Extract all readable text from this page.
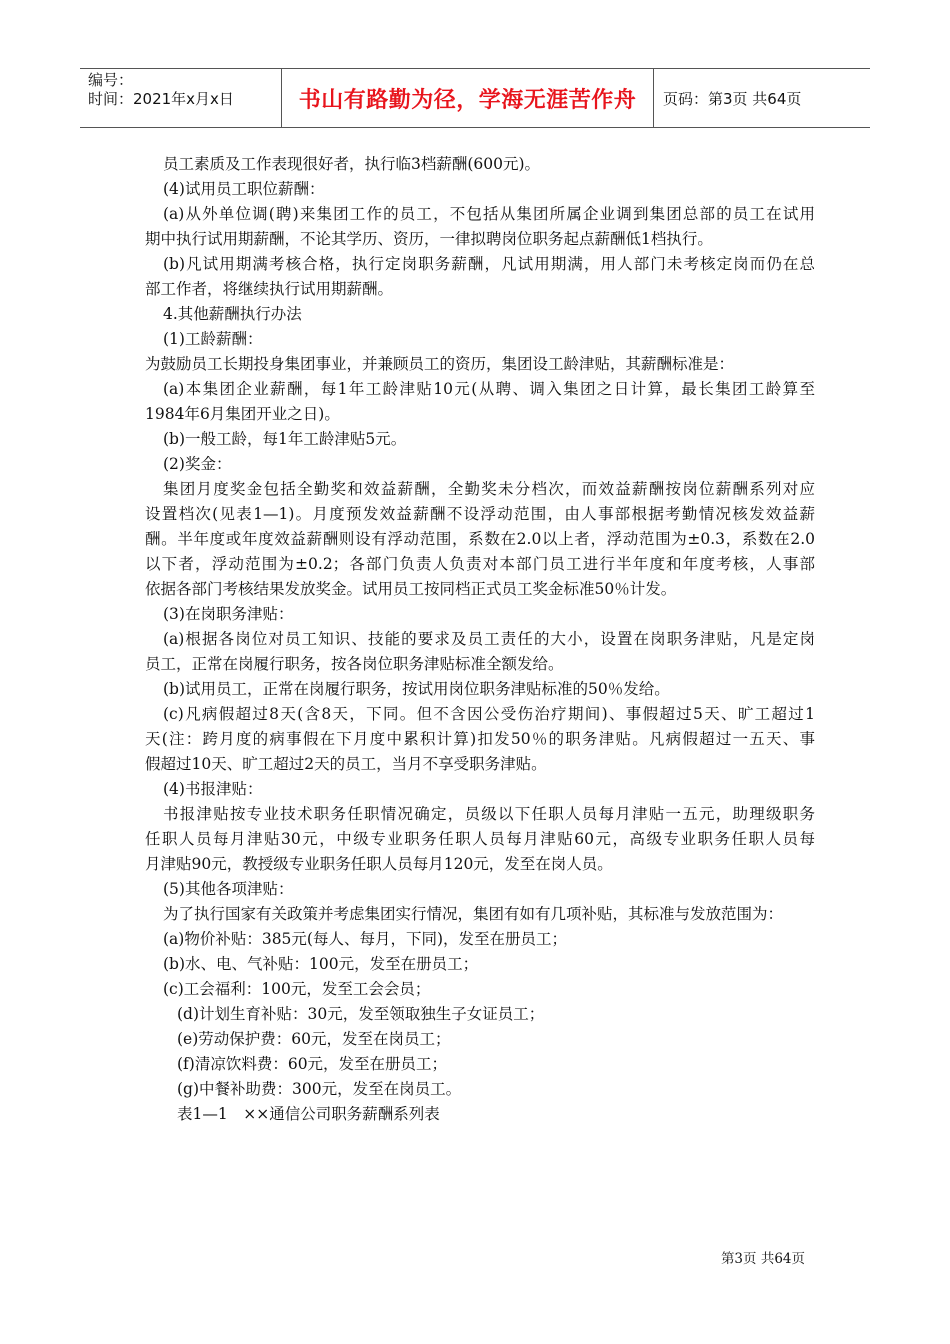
编号：
时间：2021年x月x日	书山有路勤为径，学海无涯苦作舟	页码：第3页 共64页

员工素质及工作表现很好者，执行临3档薪酬(600元)。

(4)试用员工职位薪酬：

(a)从外单位调(聘)来集团工作的员工，不包括从集团所属企业调到集团总部的员工在试用

期中执行试用期薪酬，不论其学历、资历，一律拟聘岗位职务起点薪酬低1档执行。

(b)凡试用期满考核合格，执行定岗职务薪酬，凡试用期满，用人部门未考核定岗而仍在总

部工作者，将继续执行试用期薪酬。

4.其他薪酬执行办法

(1)工龄薪酬：

为鼓励员工长期投身集团事业，并兼顾员工的资历，集团设工龄津贴，其薪酬标准是：

(a)本集团企业薪酬，每1年工龄津贴10元(从聘、调入集团之日计算，最长集团工龄算至

1984年6月集团开业之日)。

(b)一般工龄，每1年工龄津贴5元。

(2)奖金：

集团月度奖金包括全勤奖和效益薪酬，全勤奖未分档次，而效益薪酬按岗位薪酬系列对应

设置档次(见表1—1)。月度预发效益薪酬不设浮动范围，由人事部根据考勤情况核发效益薪

酬。半年度或年度效益薪酬则设有浮动范围，系数在2.0以上者，浮动范围为±0.3，系数在2.0

以下者，浮动范围为±0.2；各部门负责人负责对本部门员工进行半年度和年度考核，人事部

依据各部门考核结果发放奖金。试用员工按同档正式员工奖金标准50％计发。

(3)在岗职务津贴：

(a)根据各岗位对员工知识、技能的要求及员工责任的大小，设置在岗职务津贴，凡是定岗

员工，正常在岗履行职务，按各岗位职务津贴标准全额发给。

(b)试用员工，正常在岗履行职务，按试用岗位职务津贴标准的50％发给。

(c)凡病假超过8天(含8天，下同。但不含因公受伤治疗期间)、事假超过5天、旷工超过1

天(注：跨月度的病事假在下月度中累积计算)扣发50％的职务津贴。凡病假超过一五天、事

假超过10天、旷工超过2天的员工，当月不享受职务津贴。

(4)书报津贴：

书报津贴按专业技术职务任职情况确定，员级以下任职人员每月津贴一五元，助理级职务

任职人员每月津贴30元，中级专业职务任职人员每月津贴60元，高级专业职务任职人员每

月津贴90元，教授级专业职务任职人员每月120元，发至在岗人员。

(5)其他各项津贴：

为了执行国家有关政策并考虑集团实行情况，集团有如有几项补贴，其标准与发放范围为：

(a)物价补贴：385元(每人、每月，下同)，发至在册员工；

(b)水、电、气补贴：100元，发至在册员工；

(c)工会福利：100元，发至工会会员；

(d)计划生育补贴：30元，发至领取独生子女证员工；

(e)劳动保护费：60元，发至在岗员工；

(f)清凉饮料费：60元，发至在册员工；

(g)中餐补助费：300元，发至在岗员工。

表1—1　××通信公司职务薪酬系列表

第3页 共64页
